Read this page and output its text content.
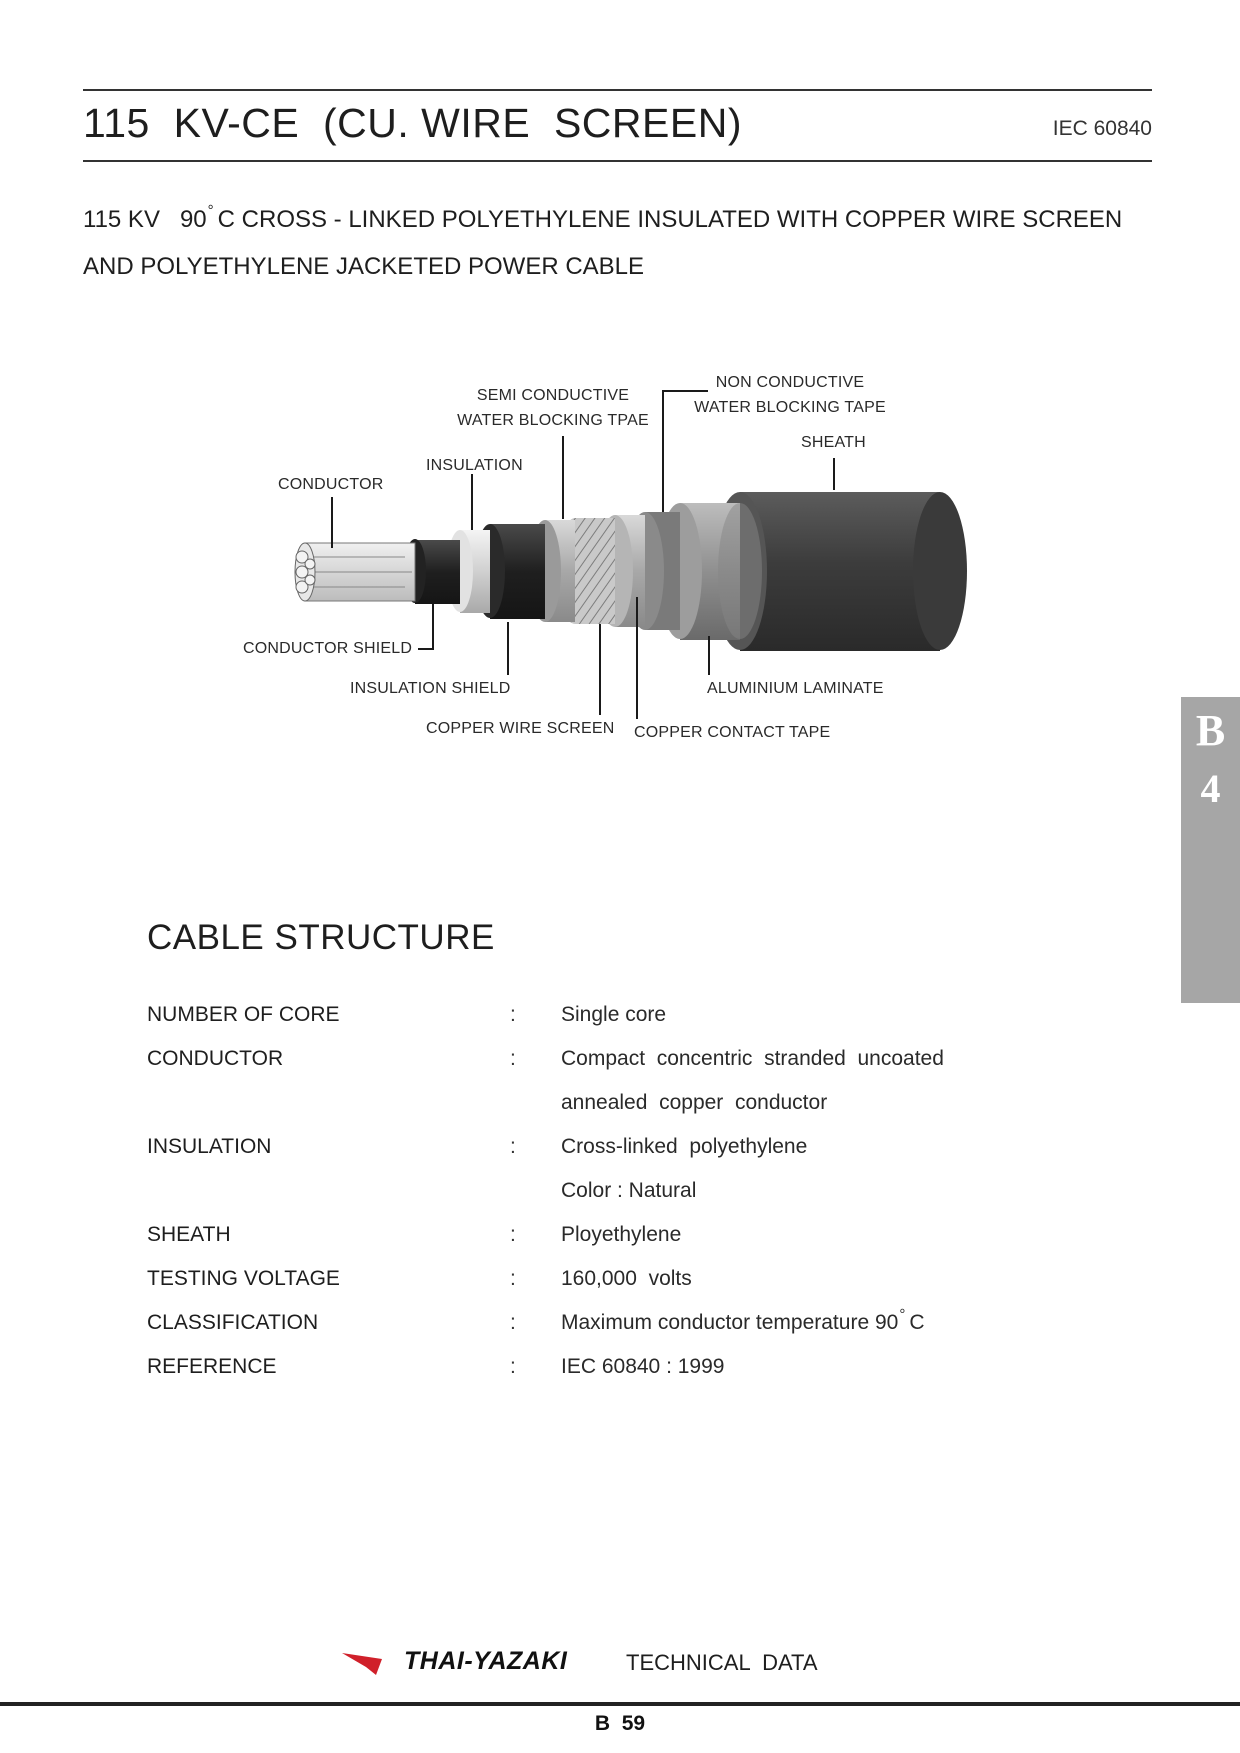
115  KV-CE  (CU. WIRE  SCREEN)	IEC 60840
115 KV   90° C CROSS - LINKED POLYETHYLENE INSULATED WITH COPPER WIRE SCREEN
AND POLYETHYLENE JACKETED POWER CABLE
SEMI CONDUCTIVE
WATER BLOCKING TPAE
NON CONDUCTIVE
WATER BLOCKING TAPE
SHEATH
INSULATION
CONDUCTOR
CONDUCTOR SHIELD
INSULATION SHIELD	ALUMINIUM LAMINATE
COPPER WIRE SCREEN COPPER CONTACT TAPE	B
4
CABLE STRUCTURE
NUMBER OF CORE	: Single core
CONDUCTOR	: Compact  concentric  stranded  uncoated
annealed  copper  conductor
INSULATION	: Cross-linked  polyethylene
Color : Natural
SHEATH	: Ployethylene
TESTING VOLTAGE	: 160,000  volts
CLASSIFICATION	: Maximum conductor temperature 90° C
REFERENCE	: IEC 60840 : 1999
THAI-YAZAKI	TECHNICAL  DATA
B  59
